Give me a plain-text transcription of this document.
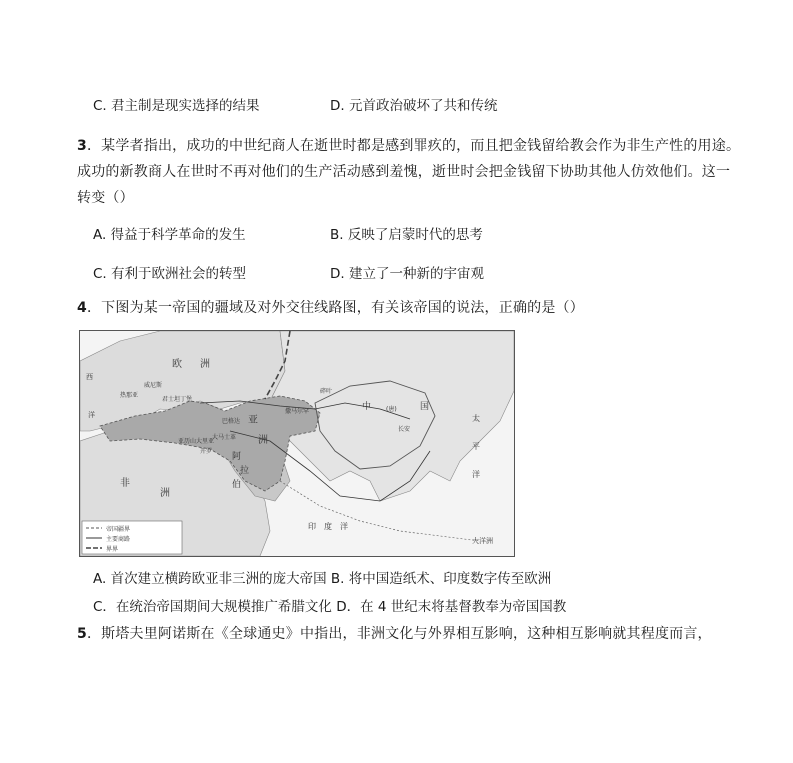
C. 君主制是现实选择的结果	D. 元首政治破坏了共和传统
3．某学者指出，成功的中世纪商人在逝世时都是感到罪疚的，而且把金钱留给教会作为非生产性的用途。
成功的新教商人在世时不再对他们的生产活动感到羞愧，逝世时会把金钱留下协助其他人仿效他们。这一
转变（）
A. 得益于科学革命的发生	B. 反映了启蒙时代的思考
C. 有利于欧洲社会的转型	D. 建立了一种新的宇宙观
4．下图为某一帝国的疆域及对外交往线路图，有关该帝国的说法，正确的是（）
欧 洲
威尼斯
热那亚
君士坦丁堡
巴格达
大马士革
亚历山大里亚
开罗
亚
洲
阿
拉
伯
撒马尔罕
碎叶
中 (唐)	国
长安
非
洲
印　度　洋
太
平
洋
大洋洲
西
洋
帝国疆界
主要商路
界界
A. 首次建立横跨欧亚非三洲的庞大帝国 B. 将中国造纸术、印度数字传至欧洲
C．在统治帝国期间大规模推广希腊文化 D．在 4 世纪末将基督教奉为帝国国教
5．斯塔夫里阿诺斯在《全球通史》中指出，非洲文化与外界相互影响，这种相互影响就其程度而言，
